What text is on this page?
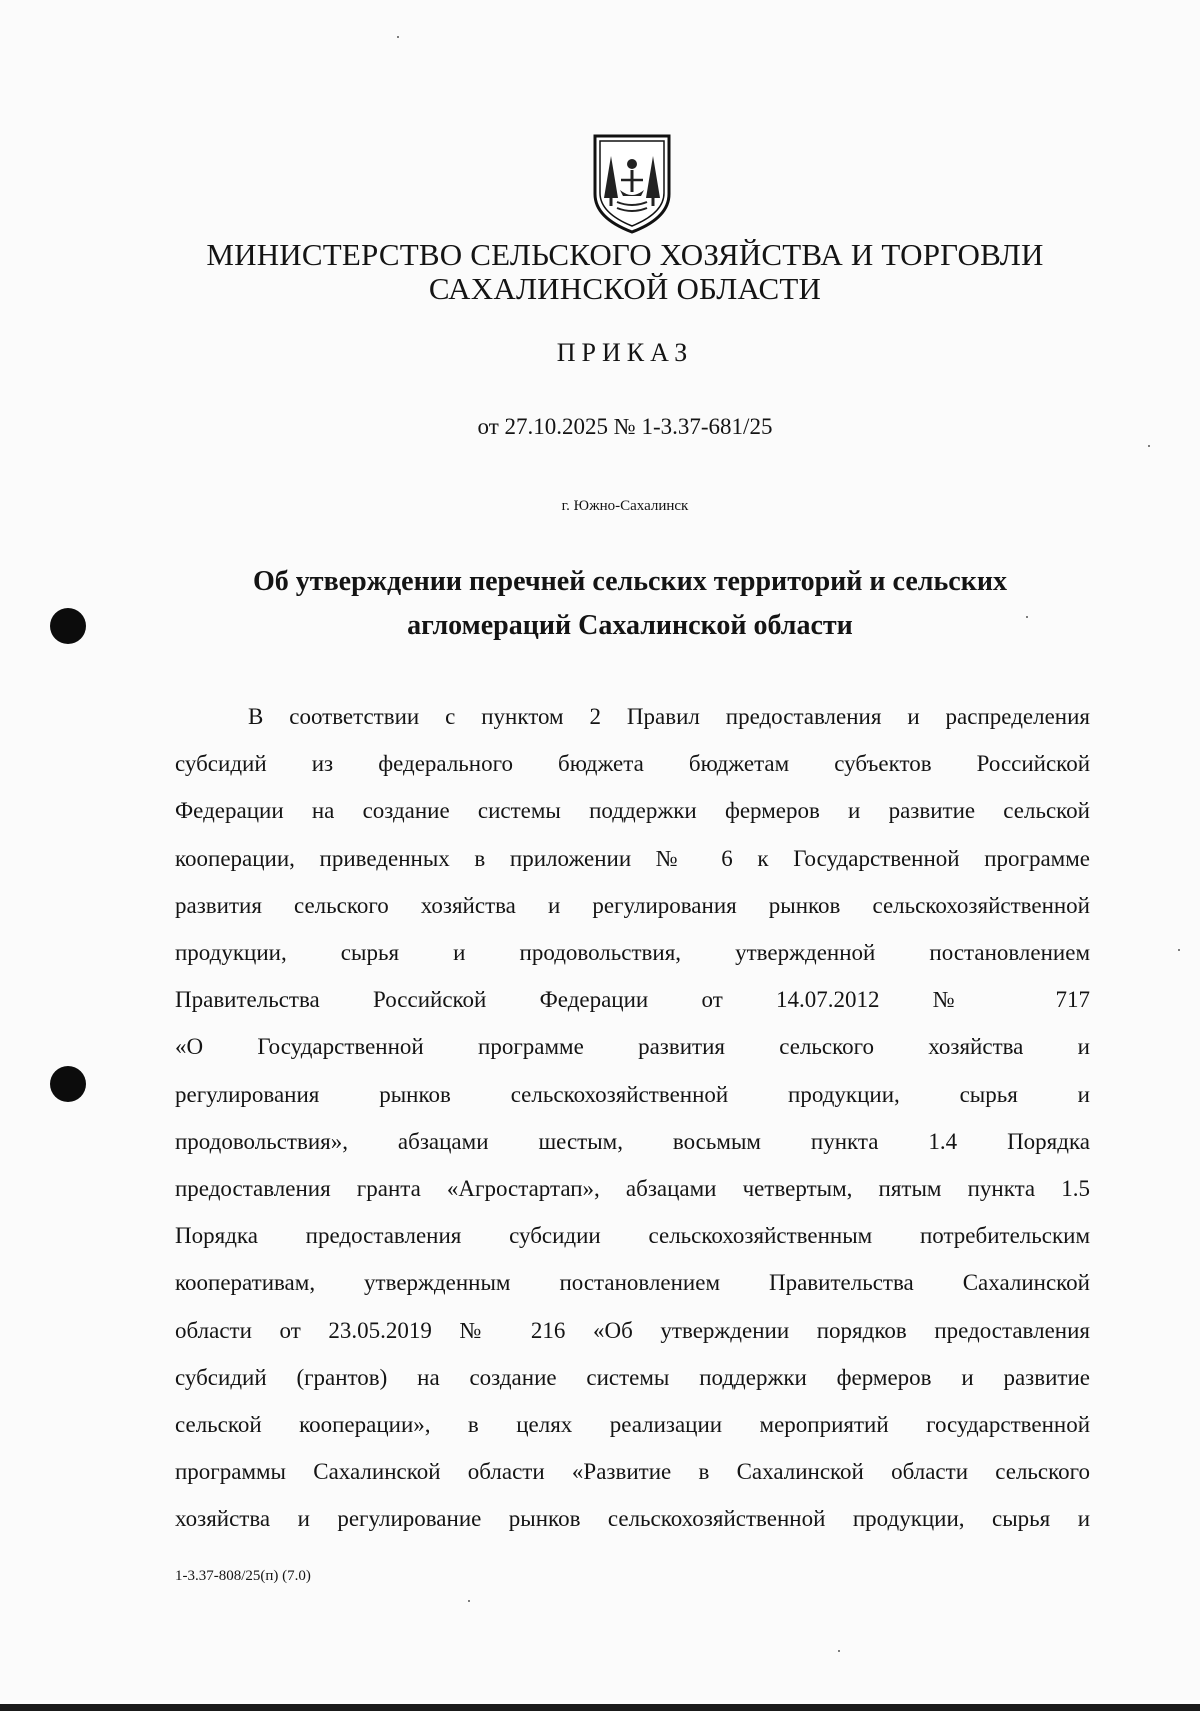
МИНИСТЕРСТВО СЕЛЬСКОГО ХОЗЯЙСТВА И ТОРГОВЛИ
САХАЛИНСКОЙ ОБЛАСТИ
ПРИКАЗ
от 27.10.2025 № 1-3.37-681/25
г. Южно-Сахалинск
Об утверждении перечней сельских территорий и сельских
агломераций Сахалинской области
В соответствии с пунктом 2 Правил предоставления и распределения
субсидий из федерального бюджета бюджетам субъектов Российской
Федерации на создание системы поддержки фермеров и развитие сельской
кооперации, приведенных в приложении № 6 к Государственной программе
развития сельского хозяйства и регулирования рынков сельскохозяйственной
продукции, сырья и продовольствия, утвержденной постановлением
Правительства Российской Федерации от 14.07.2012 № 717
«О Государственной программе развития сельского хозяйства и
регулирования рынков сельскохозяйственной продукции, сырья и
продовольствия», абзацами шестым, восьмым пункта 1.4 Порядка
предоставления гранта «Агростартап», абзацами четвертым, пятым пункта 1.5
Порядка предоставления субсидии сельскохозяйственным потребительским
кооперативам, утвержденным постановлением Правительства Сахалинской
области от 23.05.2019 № 216 «Об утверждении порядков предоставления
субсидий (грантов) на создание системы поддержки фермеров и развитие
сельской кооперации», в целях реализации мероприятий государственной
программы Сахалинской области «Развитие в Сахалинской области сельского
хозяйства и регулирование рынков сельскохозяйственной продукции, сырья и
1-3.37-808/25(п) (7.0)
